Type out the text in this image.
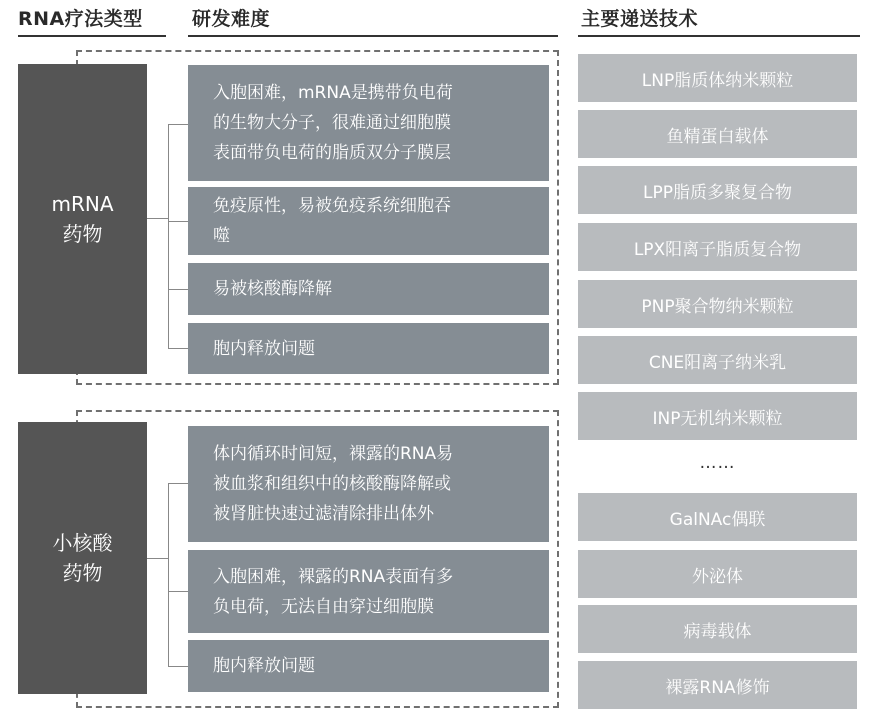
RNA疗法类型	研发难度	主要递送技术
mRNA
药物
入胞困难，mRNA是携带负电荷
的生物大分子，很难通过细胞膜
表面带负电荷的脂质双分子膜层
免疫原性，易被免疫系统细胞吞
噬
易被核酸酶降解
胞内释放问题
小核酸
药物
体内循环时间短，裸露的RNA易
被血浆和组织中的核酸酶降解或
被肾脏快速过滤清除排出体外
入胞困难，裸露的RNA表面有多
负电荷，无法自由穿过细胞膜
胞内释放问题
LNP脂质体纳米颗粒
鱼精蛋白载体
LPP脂质多聚复合物
LPX阳离子脂质复合物
PNP聚合物纳米颗粒
CNE阳离子纳米乳
INP无机纳米颗粒
……
GalNAc偶联
外泌体
病毒载体
裸露RNA修饰
